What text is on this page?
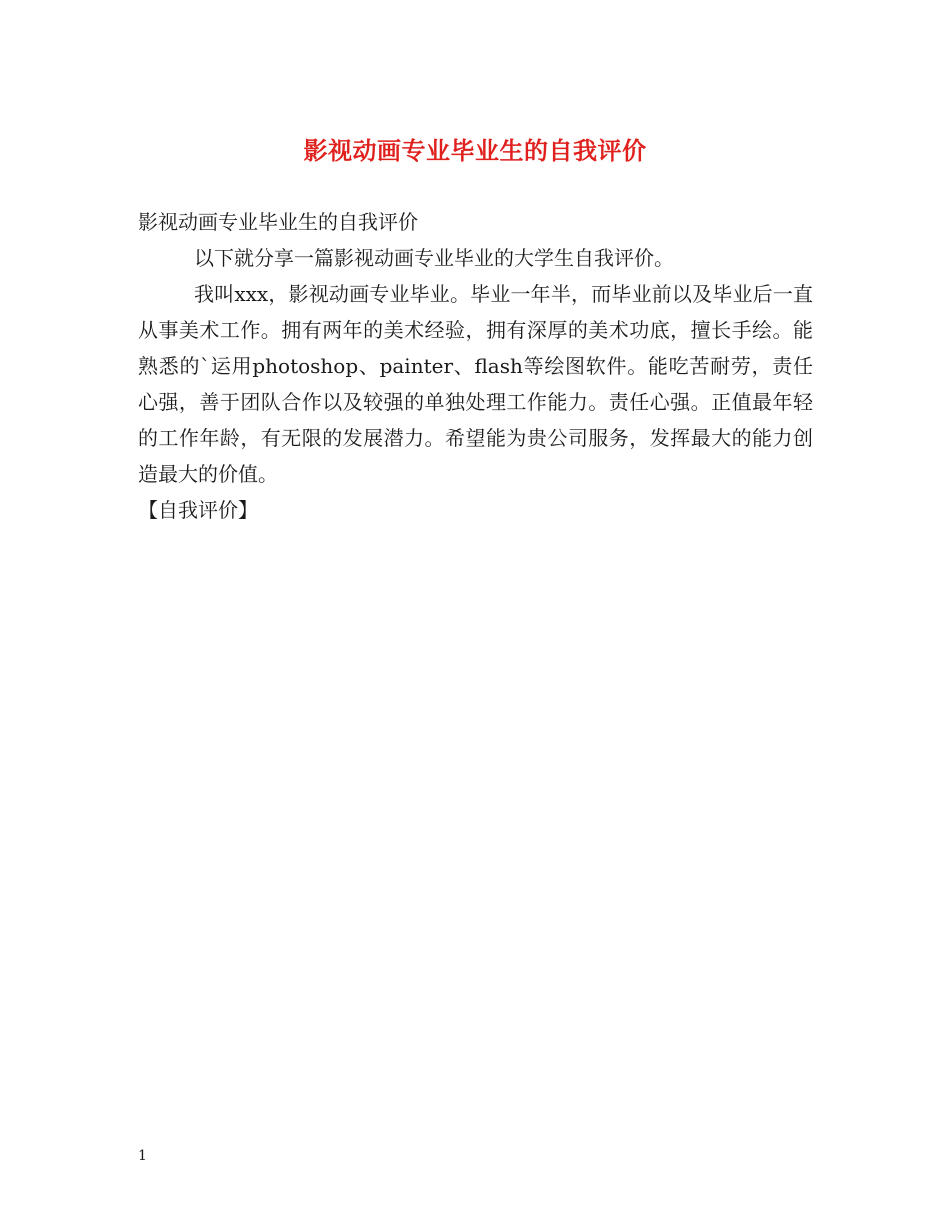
影视动画专业毕业生的自我评价

影视动画专业毕业生的自我评价

以下就分享一篇影视动画专业毕业的大学生自我评价。

我叫xxx，影视动画专业毕业。毕业一年半，而毕业前以及毕业后一直从事美术工作。拥有两年的美术经验，拥有深厚的美术功底，擅长手绘。能熟悉的`运用photoshop、painter、flash等绘图软件。能吃苦耐劳，责任心强，善于团队合作以及较强的单独处理工作能力。责任心强。正值最年轻的工作年龄，有无限的发展潜力。希望能为贵公司服务，发挥最大的能力创造最大的价值。

【自我评价】

1
